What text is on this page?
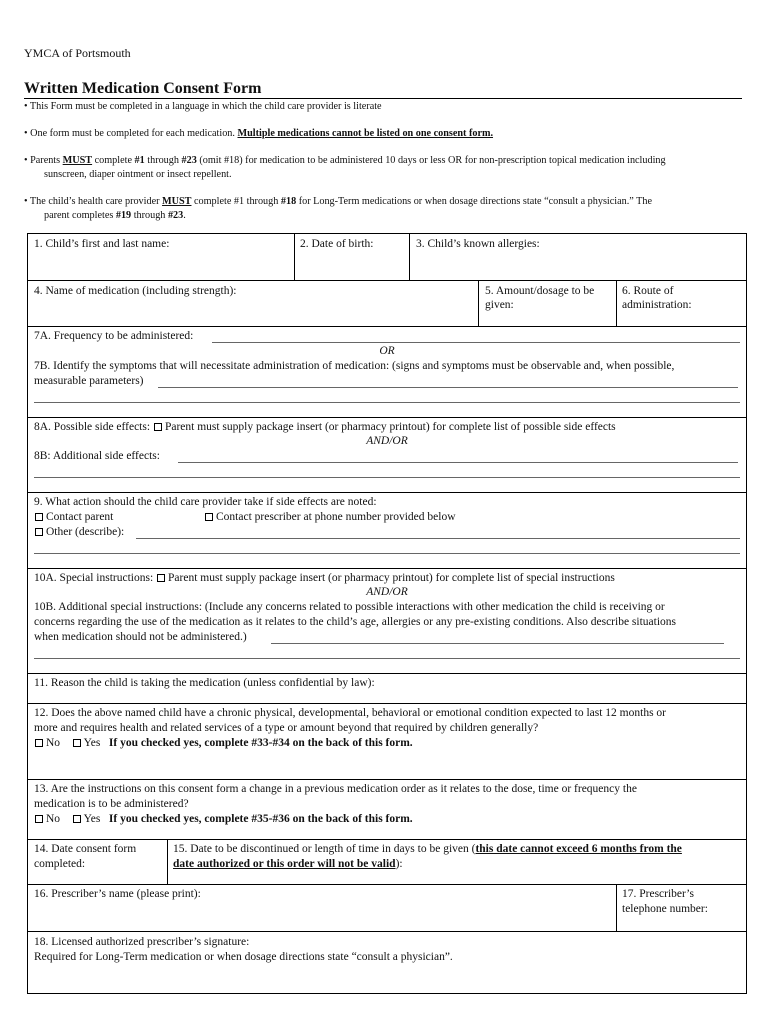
YMCA of Portsmouth
Written Medication Consent Form
• This Form must be completed in a language in which the child care provider is literate
• One form must be completed for each medication. Multiple medications cannot be listed on one consent form.
• Parents MUST complete #1 through #23 (omit #18) for medication to be administered 10 days or less OR for non-prescription topical medication including
sunscreen, diaper ointment or insect repellent.
• The child’s health care provider MUST complete #1 through #18 for Long-Term medications or when dosage directions state “consult a physician.” The
parent completes #19 through #23.
1. Child’s first and last name:	2. Date of birth:	3. Child’s known allergies:
4. Name of medication (including strength):	5. Amount/dosage to be
given:
6. Route of
administration:
7A. Frequency to be administered:
OR
7B. Identify the symptoms that will necessitate administration of medication: (signs and symptoms must be observable and, when possible,
measurable parameters)
8A. Possible side effects: Parent must supply package insert (or pharmacy printout) for complete list of possible side effects
AND/OR
8B: Additional side effects:
9. What action should the child care provider take if side effects are noted:
Contact parent	Contact prescriber at phone number provided below
Other (describe):
10A. Special instructions: Parent must supply package insert (or pharmacy printout) for complete list of special instructions
AND/OR
10B. Additional special instructions: (Include any concerns related to possible interactions with other medication the child is receiving or
concerns regarding the use of the medication as it relates to the child’s age, allergies or any pre-existing conditions. Also describe situations
when medication should not be administered.)
11. Reason the child is taking the medication (unless confidential by law):
12. Does the above named child have a chronic physical, developmental, behavioral or emotional condition expected to last 12 months or
more and requires health and related services of a type or amount beyond that required by children generally?
No Yes If you checked yes, complete #33-#34 on the back of this form.
13. Are the instructions on this consent form a change in a previous medication order as it relates to the dose, time or frequency the
medication is to be administered?
No Yes If you checked yes, complete #35-#36 on the back of this form.
14. Date consent form
completed:
15. Date to be discontinued or length of time in days to be given (this date cannot exceed 6 months from the
date authorized or this order will not be valid):
16. Prescriber’s name (please print):	17. Prescriber’s
telephone number:
18. Licensed authorized prescriber’s signature:
Required for Long-Term medication or when dosage directions state “consult a physician”.
